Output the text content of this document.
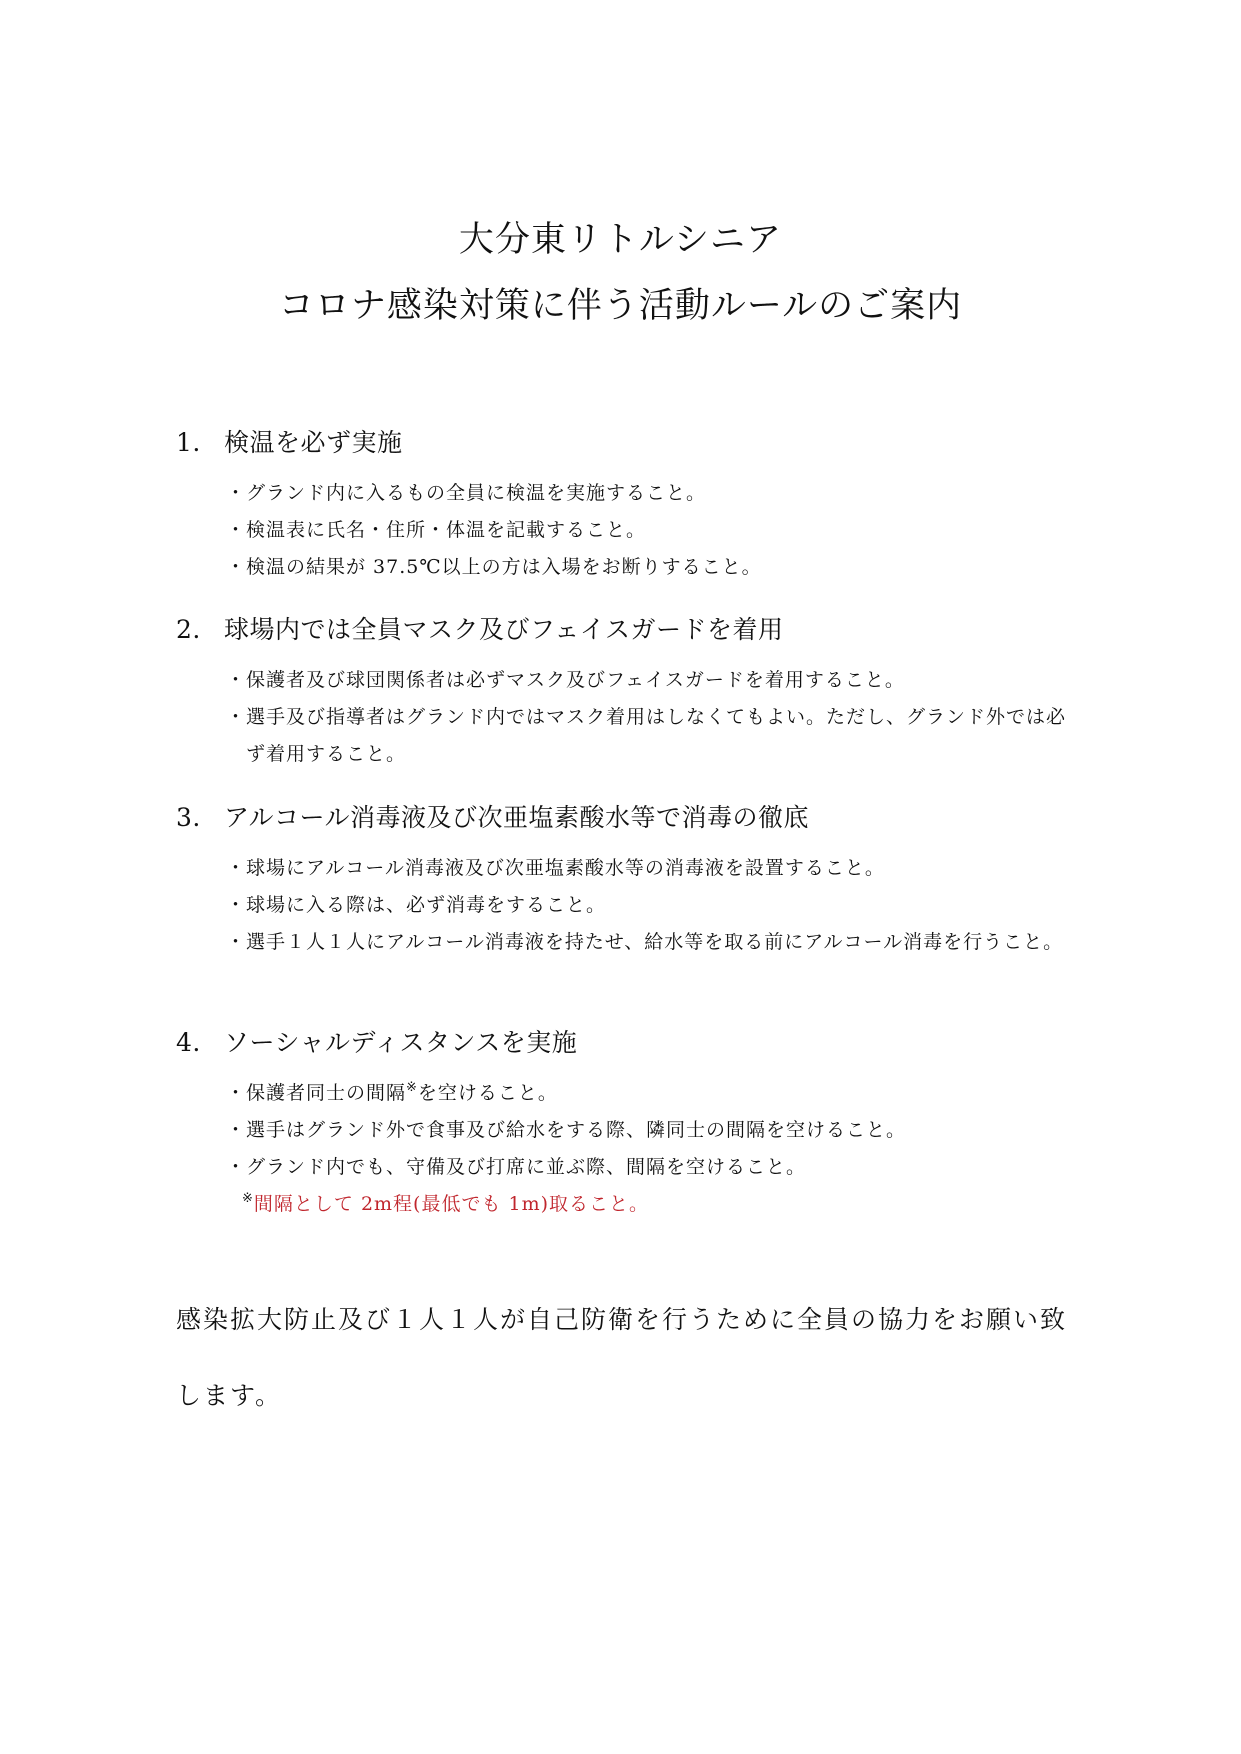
大分東リトルシニア
コロナ感染対策に伴う活動ルールのご案内
1. 検温を必ず実施
・ グランド内に入るもの全員に検温を実施すること。
・ 検温表に氏名・住所・体温を記載すること。
・ 検温の結果が 37.5℃以上の方は入場をお断りすること。
2. 球場内では全員マスク及びフェイスガードを着用
・ 保護者及び球団関係者は必ずマスク及びフェイスガードを着用すること。
・ 選手及び指導者はグランド内ではマスク着用はしなくてもよい。ただし、グランド外では必ず着用すること。
3. アルコール消毒液及び次亜塩素酸水等で消毒の徹底
・ 球場にアルコール消毒液及び次亜塩素酸水等の消毒液を設置すること。
・ 球場に入る際は、必ず消毒をすること。
・ 選手１人１人にアルコール消毒液を持たせ、給水等を取る前にアルコール消毒を行うこと。
4. ソーシャルディスタンスを実施
・ 保護者同士の間隔※を空けること。
・ 選手はグランド外で食事及び給水をする際、隣同士の間隔を空けること。
・ グランド内でも、守備及び打席に並ぶ際、間隔を空けること。
※間隔として 2m程(最低でも 1m)取ること。
感染拡大防止及び１人１人が自己防衛を行うために全員の協力をお願い致します。
